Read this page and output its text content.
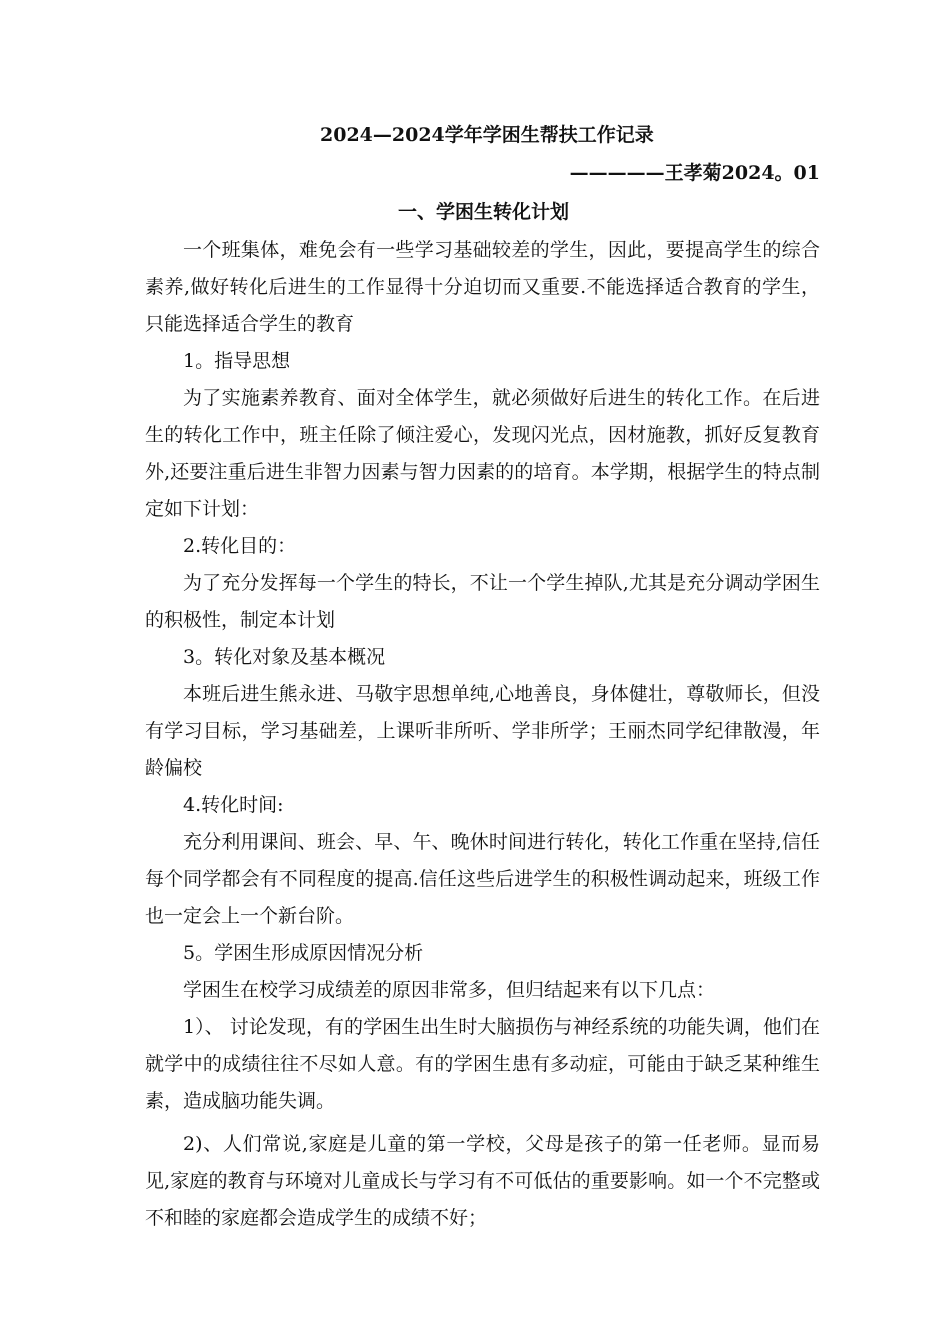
2024—2024学年学困生帮扶工作记录
—————王孝菊2024。01
一、学困生转化计划

一个班集体，难免会有一些学习基础较差的学生，因此，要提高学生的综合素养,做好转化后进生的工作显得十分迫切而又重要.不能选择适合教育的学生，只能选择适合学生的教育

1。指导思想

为了实施素养教育、面对全体学生，就必须做好后进生的转化工作。在后进生的转化工作中，班主任除了倾注爱心，发现闪光点，因材施教，抓好反复教育外,还要注重后进生非智力因素与智力因素的的培育。本学期，根据学生的特点制定如下计划：

2.转化目的：

为了充分发挥每一个学生的特长，不让一个学生掉队,尤其是充分调动学困生的积极性，制定本计划

3。转化对象及基本概况

本班后进生熊永进、马敬宇思想单纯,心地善良，身体健壮，尊敬师长，但没有学习目标，学习基础差，上课听非所听、学非所学；王丽杰同学纪律散漫，年龄偏校

4.转化时间:

充分利用课间、班会、早、午、晚休时间进行转化，转化工作重在坚持,信任每个同学都会有不同程度的提高.信任这些后进学生的积极性调动起来，班级工作也一定会上一个新台阶。

5。学困生形成原因情况分析

学困生在校学习成绩差的原因非常多，但归结起来有以下几点：

1）、 讨论发现，有的学困生出生时大脑损伤与神经系统的功能失调，他们在就学中的成绩往往不尽如人意。有的学困生患有多动症，可能由于缺乏某种维生素，造成脑功能失调。

2)、人们常说,家庭是儿童的第一学校，父母是孩子的第一任老师。显而易见,家庭的教育与环境对儿童成长与学习有不可低估的重要影响。如一个不完整或不和睦的家庭都会造成学生的成绩不好；
